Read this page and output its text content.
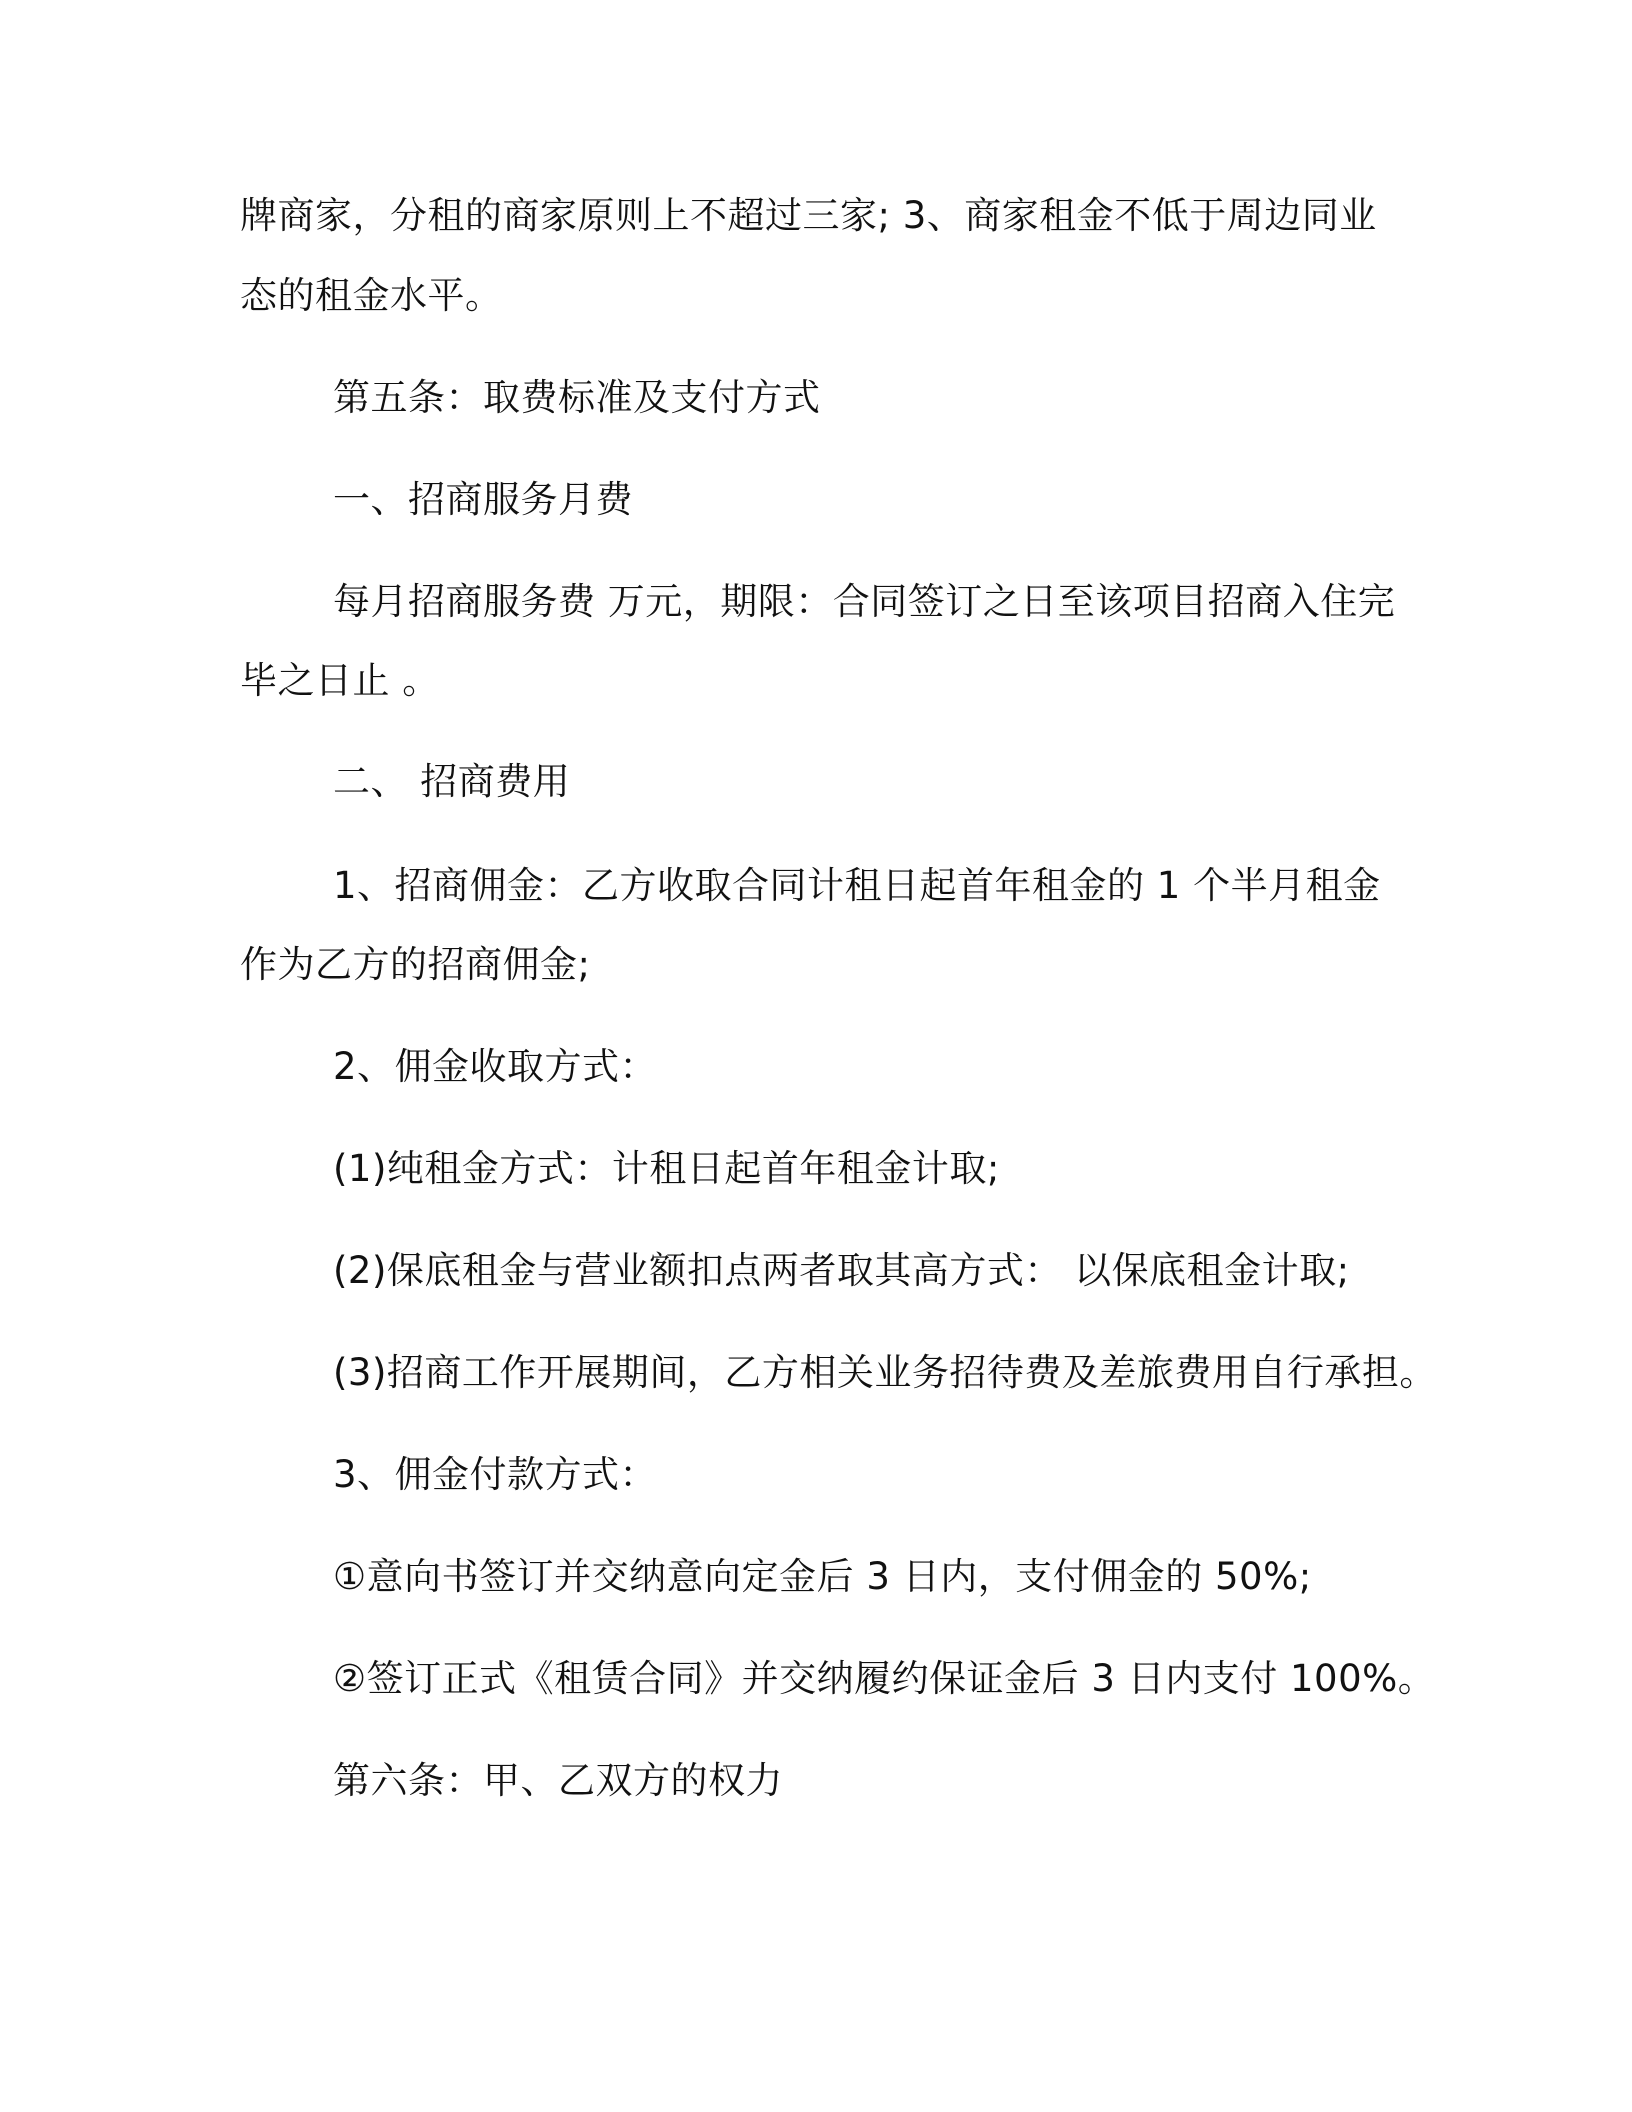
牌商家，分租的商家原则上不超过三家; 3、商家租金不低于周边同业
态的租金水平。
第五条：取费标准及支付方式
一、招商服务月费
每月招商服务费 万元，期限：合同签订之日至该项目招商入住完
毕之日止 。
二、 招商费用
1、招商佣金：乙方收取合同计租日起首年租金的 1 个半月租金
作为乙方的招商佣金;
2、佣金收取方式：
(1)纯租金方式：计租日起首年租金计取;
(2)保底租金与营业额扣点两者取其高方式： 以保底租金计取;
(3)招商工作开展期间，乙方相关业务招待费及差旅费用自行承担。
3、佣金付款方式：
①意向书签订并交纳意向定金后 3 日内，支付佣金的 50%;
②签订正式《租赁合同》并交纳履约保证金后 3 日内支付 100%。
第六条：甲、乙双方的权力
